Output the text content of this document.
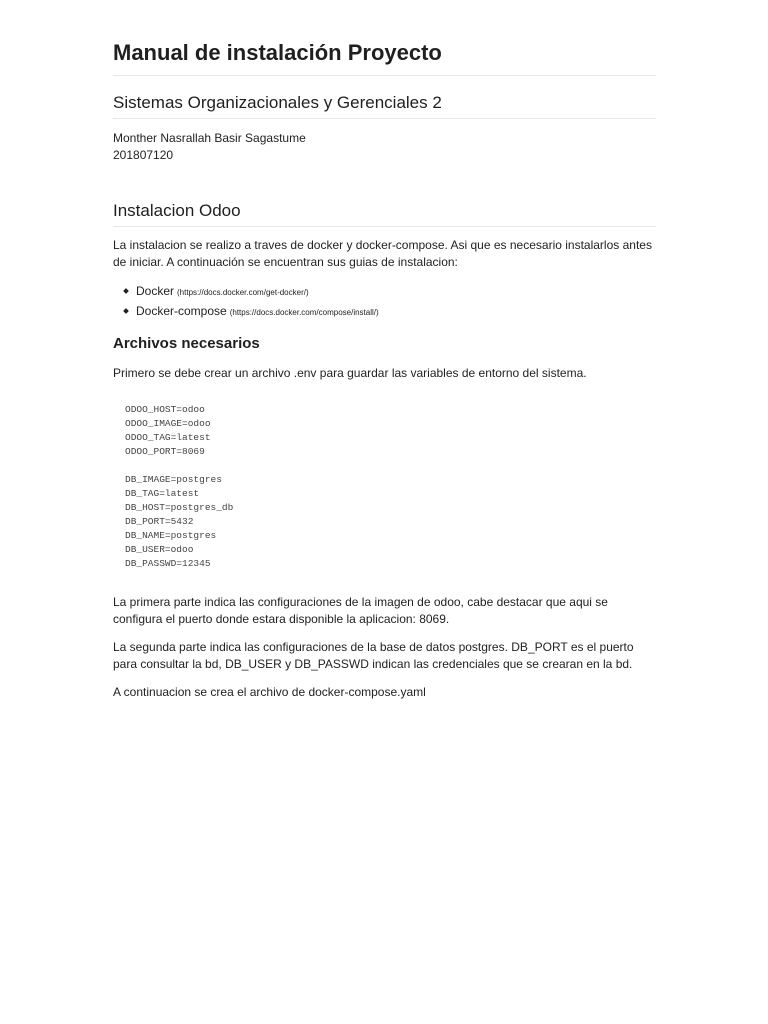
Manual de instalación Proyecto
Sistemas Organizacionales y Gerenciales 2

Monther Nasrallah Basir Sagastume

201807120

Instalacion Odoo

La instalacion se realizo a traves de docker y docker-compose. Asi que es necesario instalarlos antes de iniciar. A continuación se encuentran sus guias de instalacion:

Docker (https://docs.docker.com/get-docker/)
Docker-compose (https://docs.docker.com/compose/install/)
Archivos necesarios

Primero se debe crear un archivo .env para guardar las variables de entorno del sistema.

ODOO_HOST=odoo
ODOO_IMAGE=odoo
ODOO_TAG=latest
ODOO_PORT=8069
DB_IMAGE=postgres
DB_TAG=latest
DB_HOST=postgres_db
DB_PORT=5432
DB_NAME=postgres
DB_USER=odoo
DB_PASSWD=12345

La primera parte indica las configuraciones de la imagen de odoo, cabe destacar que aqui se configura el puerto donde estara disponible la aplicacion: 8069.

La segunda parte indica las configuraciones de la base de datos postgres. DB_PORT es el puerto para consultar la bd, DB_USER y DB_PASSWD indican las credenciales que se crearan en la bd.

A continuacion se crea el archivo de docker-compose.yaml
